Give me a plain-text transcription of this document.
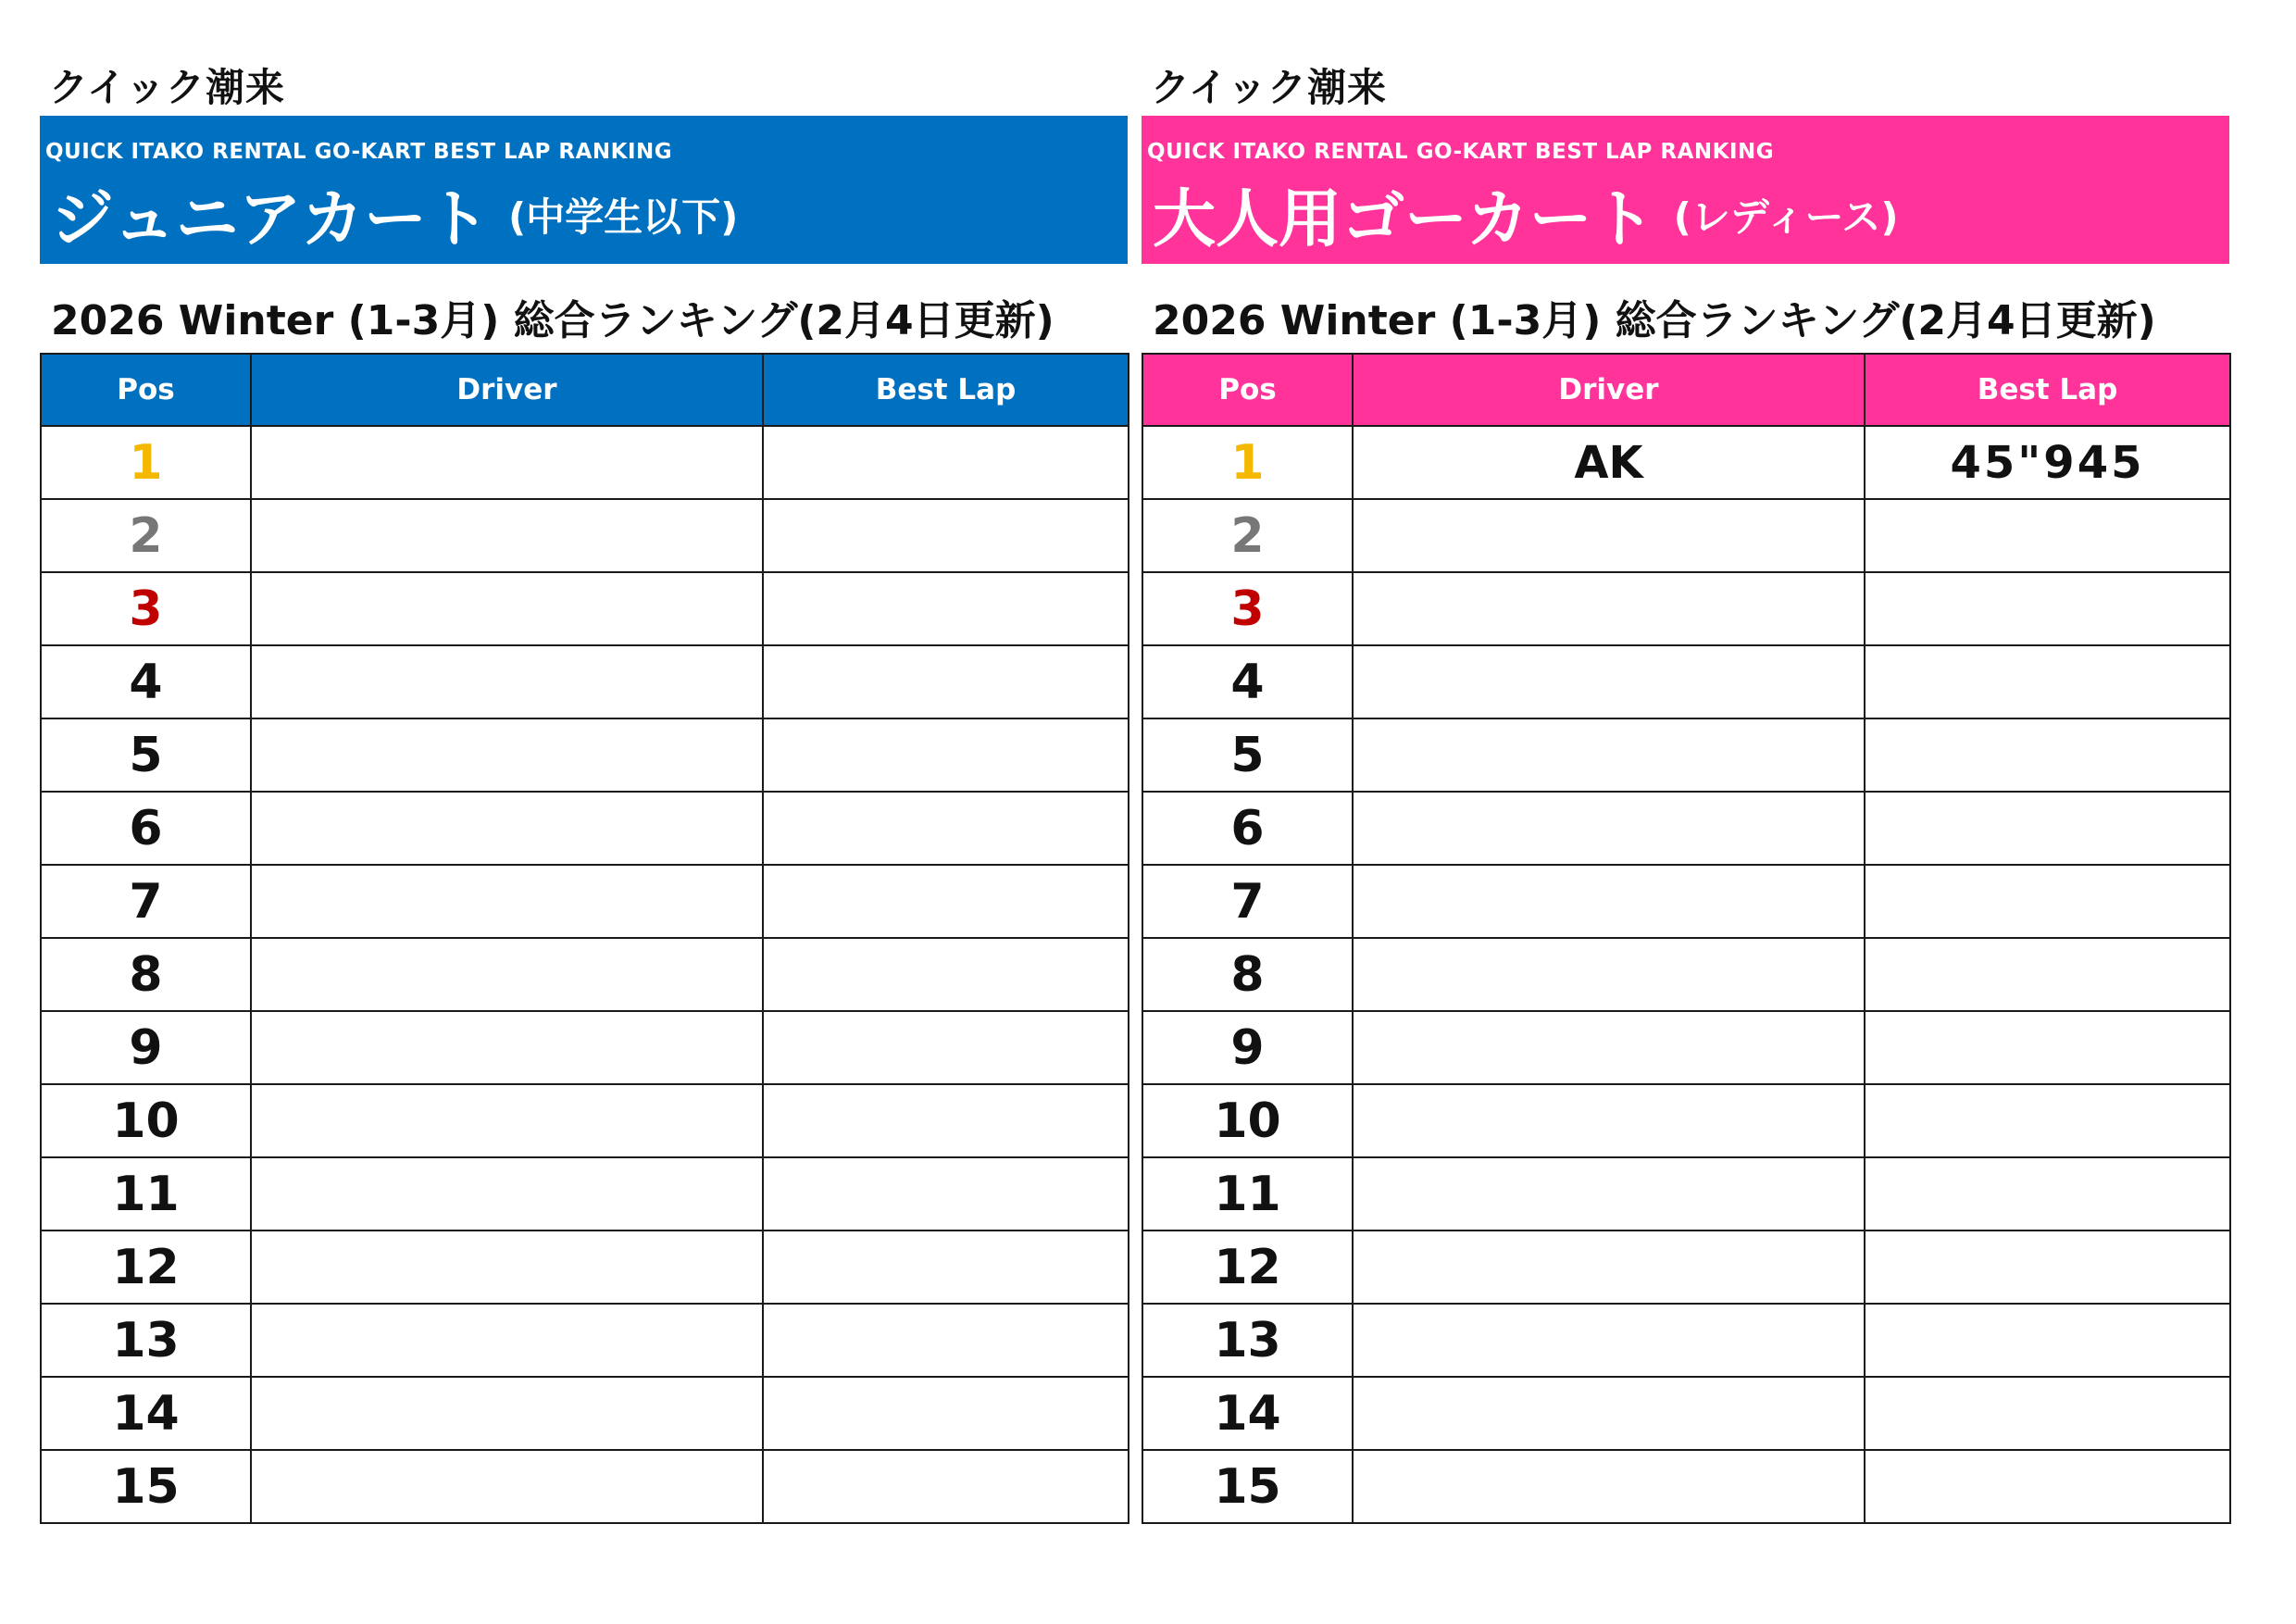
クイック潮来
QUICK ITAKO RENTAL GO-KART BEST LAP RANKING
ジュニアカート (中学生以下)
2026 Winter (1-3月) 総合ランキング(2月4日更新)
Pos	Driver	Best Lap
1		
2		
3		
4		
5		
6		
7		
8		
9		
10		
11		
12		
13		
14		
15		
クイック潮来
QUICK ITAKO RENTAL GO-KART BEST LAP RANKING
大人用ゴーカート (レディース)
2026 Winter (1-3月) 総合ランキング(2月4日更新)
Pos	Driver	Best Lap
1	AK	45"945
2		
3		
4		
5		
6		
7		
8		
9		
10		
11		
12		
13		
14		
15		
